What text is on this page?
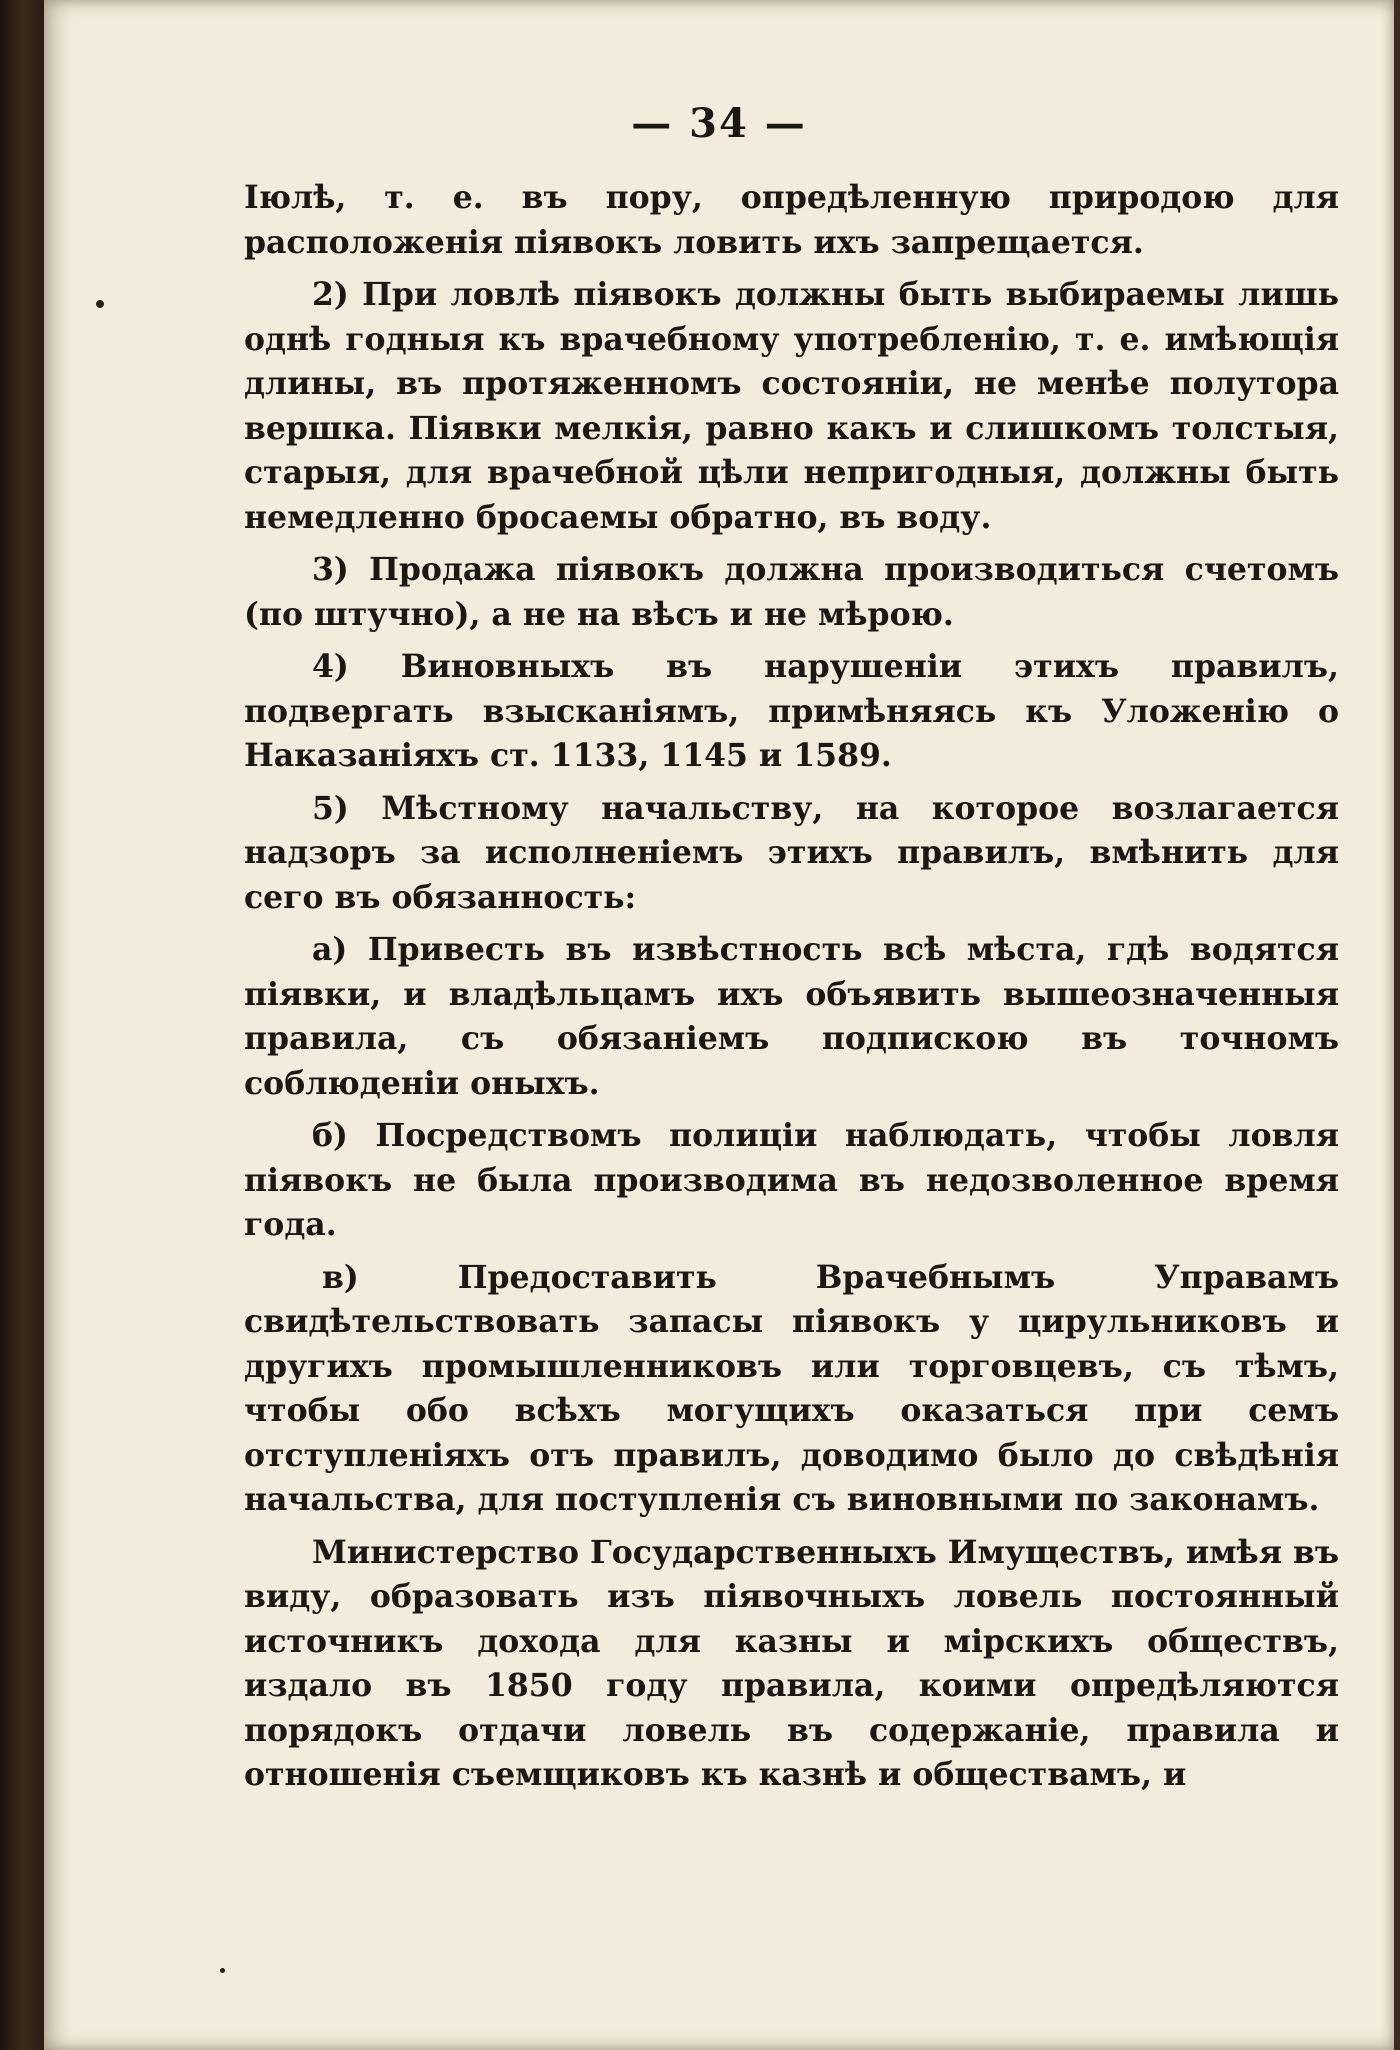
— 34 —

Іюлѣ, т. е. въ пору, опредѣленную природою для расположенія піявокъ ловить ихъ запрещается.

2) При ловлѣ піявокъ должны быть выбираемы лишь однѣ годныя къ врачебному употребленію, т. е. имѣющія длины, въ протяженномъ состояніи, не менѣе полутора вершка. Піявки мелкія, равно какъ и слишкомъ толстыя, старыя, для врачебной цѣли непригодныя, должны быть немедленно бросаемы обратно, въ воду.

3) Продажа піявокъ должна производиться счетомъ (по штучно), а не на вѣсъ и не мѣрою.

4) Виновныхъ въ нарушеніи этихъ правилъ, подвергать взысканіямъ, примѣняясь къ Уложенію о Наказаніяхъ ст. 1133, 1145 и 1589.

5) Мѣстному начальству, на которое возлагается надзоръ за исполненіемъ этихъ правилъ, вмѣнить для сего въ обязанность:

а) Привесть въ извѣстность всѣ мѣста, гдѣ водятся піявки, и владѣльцамъ ихъ объявить вышеозначенныя правила, съ обязаніемъ подпискою въ точномъ соблюденіи оныхъ.

б) Посредствомъ полиціи наблюдать, чтобы ловля піявокъ не была производима въ недозволенное время года.

в) Предоставить Врачебнымъ Управамъ свидѣтельствовать запасы піявокъ у цирульниковъ и другихъ промышленниковъ или торговцевъ, съ тѣмъ, чтобы обо всѣхъ могущихъ оказаться при семъ отступленіяхъ отъ правилъ, доводимо было до свѣдѣнія начальства, для поступленія съ виновными по законамъ.

Министерство Государственныхъ Имуществъ, имѣя въ виду, образовать изъ піявочныхъ ловель постоянный источникъ дохода для казны и мірскихъ обществъ, издало въ 1850 году правила, коими опредѣляются порядокъ отдачи ловель въ содержаніе, правила и отношенія съемщиковъ къ казнѣ и обществамъ, и
